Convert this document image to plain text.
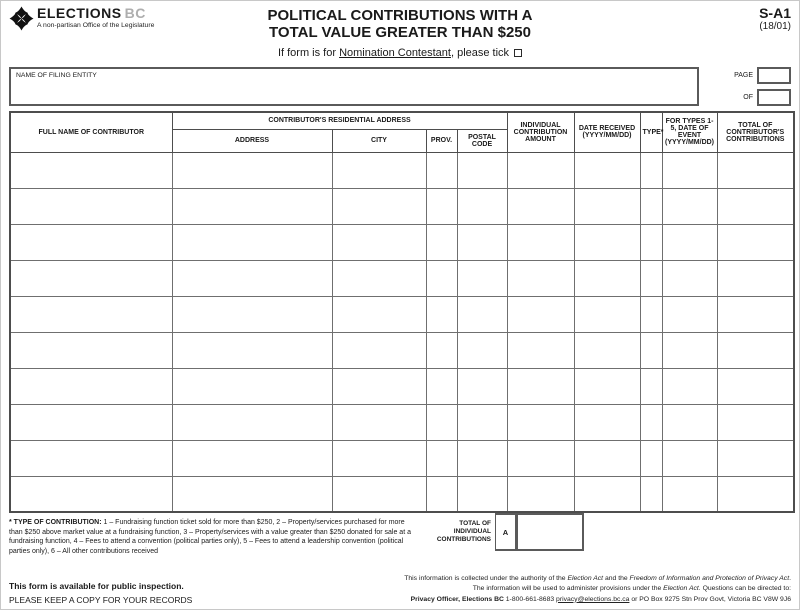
ELECTIONS BC
A non-partisan Office of the Legislature
POLITICAL CONTRIBUTIONS WITH A
TOTAL VALUE GREATER THAN $250
S-A1
(18/01)
If form is for Nomination Contestant, please tick
NAME OF FILING ENTITY	PAGE
OF
FULL NAME OF CONTRIBUTOR	CONTRIBUTOR'S RESIDENTIAL ADDRESS				INDIVIDUAL CONTRIBUTION AMOUNT	DATE RECEIVED (YYYY/MM/DD)	TYPE*	FOR TYPES 1-5, DATE OF EVENT (YYYY/MM/DD)	TOTAL OF CONTRIBUTOR'S CONTRIBUTIONS
	ADDRESS	CITY	PROV.	POSTAL CODE					

* TYPE OF CONTRIBUTION: 1 – Fundraising function ticket sold for more than $250, 2 – Property/services purchased for more than $250 above market value at a fundraising function, 3 – Property/services with a value greater than $250 donated for sale at a fundraising function, 4 – Fees to attend a convention (political parties only), 5 – Fees to attend a leadership convention (political parties only), 6 – All other contributions received
TOTAL OF INDIVIDUAL CONTRIBUTIONS
A
This form is available for public inspection.
PLEASE KEEP A COPY FOR YOUR RECORDS
This information is collected under the authority of the Election Act and the Freedom of Information and Protection of Privacy Act.
The information will be used to administer provisions under the Election Act. Questions can be directed to:
Privacy Officer, Elections BC 1-800-661-8683 privacy@elections.bc.ca or PO Box 9275 Stn Prov Govt, Victoria BC V8W 9J6
